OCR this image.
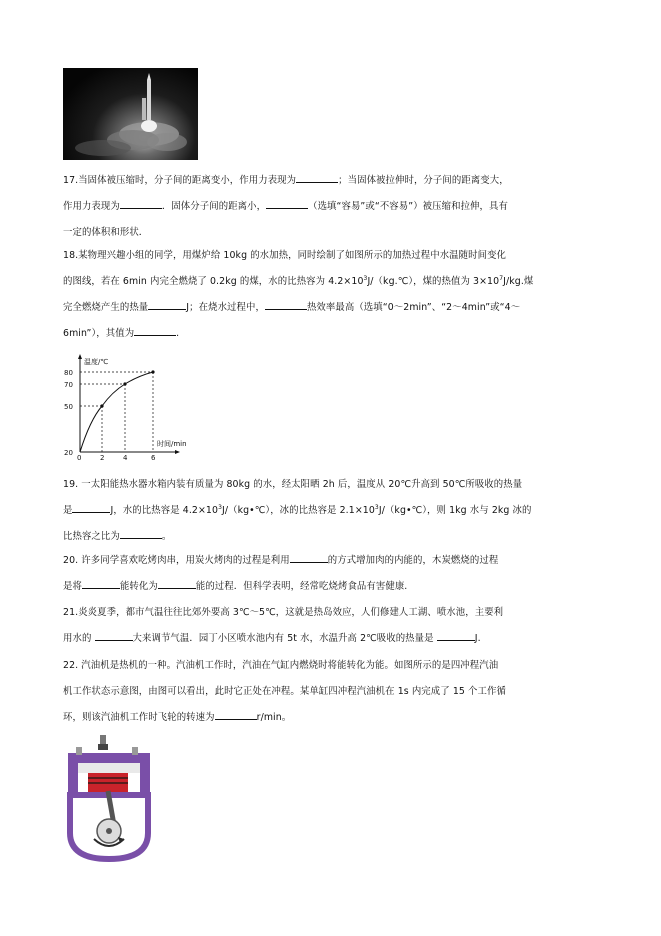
17.当固体被压缩时，分子间的距离变小，作用力表现为	；当固体被拉伸时，分子间的距离变大，
作用力表现为	．固体分子间的距离小，	（选填“容易”或“不容易”）被压缩和拉伸，具有
一定的体积和形状．
18.某物理兴趣小组的同学，用煤炉给 10kg 的水加热，同时绘制了如图所示的加热过程中水温随时间变化
的图线，若在 6min 内完全燃烧了 0.2kg 的煤，水的比热容为 $4.2\times 10^3J/(kg.℃)$，煤的热值为 $3\times 10^7J/kg$.煤
完全燃烧产生的热量	J；在烧水过程中，	热效率最高（选填“0～2min”、“2～4min”或“4～
6min”），其值为	.
温度/℃
时间/min
80
70
50
20
0	2	4	6
19. 一太阳能热水器水箱内装有质量为 80kg 的水，经太阳晒 2h 后，温度从 20℃升高到 50℃所吸收的热量
是	J，水的比热容是 $4.2\times 10^3J/(kg•℃)$，冰的比热容是 $2.1\times 10^3J/(kg•℃)$，则 1kg 水与 2kg 冰的
比热容之比为	。
20. 许多同学喜欢吃烤肉串，用炭火烤肉的过程是利用	的方式增加肉的内能的，木炭燃烧的过程
是将	能转化为	能的过程．但科学表明，经常吃烧烤食品有害健康.
21.炎炎夏季，都市气温往往比郊外要高 3℃～5℃，这就是热岛效应，人们修建人工湖、喷水池，主要利
用水的	大来调节气温．园丁小区喷水池内有 5t 水，水温升高 2℃吸收的热量是	J.
22. 汽油机是热机的一种。汽油机工作时，汽油在气缸内燃烧时将能转化为能。如图所示的是四冲程汽油
机工作状态示意图，由图可以看出，此时它正处在冲程。某单缸四冲程汽油机在 1s 内完成了 15 个工作循
环，则该汽油机工作时飞轮的转速为	r/min。
